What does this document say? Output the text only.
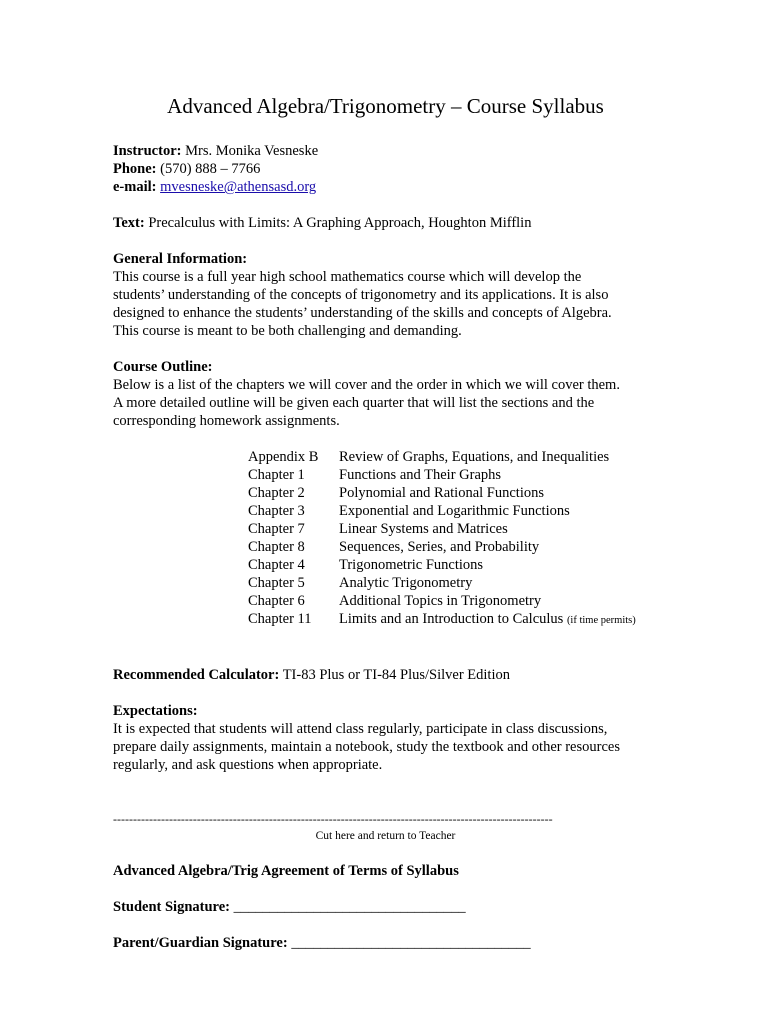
Advanced Algebra/Trigonometry – Course Syllabus
Instructor: Mrs. Monika Vesneske
Phone: (570) 888 – 7766
e-mail: mvesneske@athensasd.org
Text: Precalculus with Limits: A Graphing Approach, Houghton Mifflin
General Information:
This course is a full year high school mathematics course which will develop the
students’ understanding of the concepts of trigonometry and its applications. It is also
designed to enhance the students’ understanding of the skills and concepts of Algebra.
This course is meant to be both challenging and demanding.
Course Outline:
Below is a list of the chapters we will cover and the order in which we will cover them.
A more detailed outline will be given each quarter that will list the sections and the
corresponding homework assignments.
Appendix B	Review of Graphs, Equations, and Inequalities
Chapter 1	Functions and Their Graphs
Chapter 2	Polynomial and Rational Functions
Chapter 3	Exponential and Logarithmic Functions
Chapter 7	Linear Systems and Matrices
Chapter 8	Sequences, Series, and Probability
Chapter 4	Trigonometric Functions
Chapter 5	Analytic Trigonometry
Chapter 6	Additional Topics in Trigonometry
Chapter 11	Limits and an Introduction to Calculus (if time permits)
Recommended Calculator: TI-83 Plus or TI-84 Plus/Silver Edition
Expectations:
It is expected that students will attend class regularly, participate in class discussions,
prepare daily assignments, maintain a notebook, study the textbook and other resources
regularly, and ask questions when appropriate.
--------------------------------------------------------------------------------------------------------------
Cut here and return to Teacher
Advanced Algebra/Trig Agreement of Terms of Syllabus
Student Signature: ________________________________
Parent/Guardian Signature: _________________________________
